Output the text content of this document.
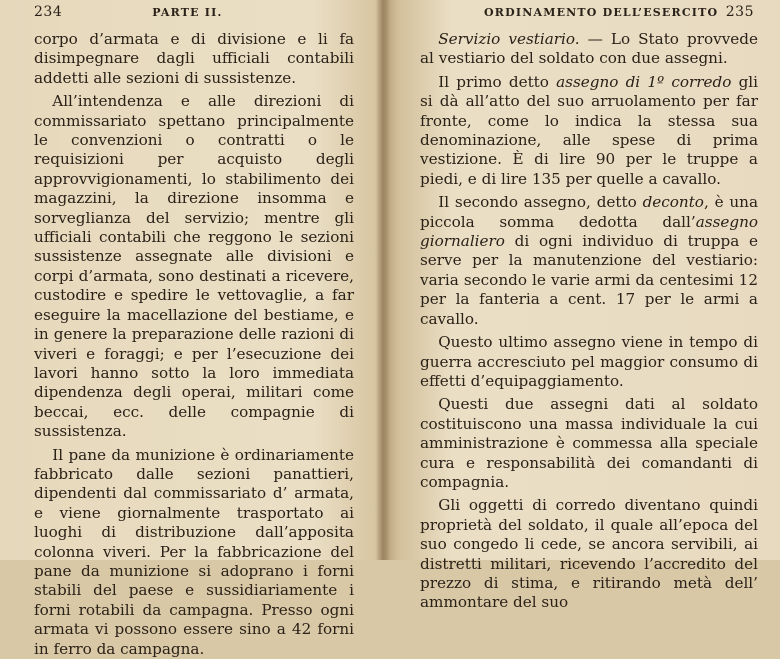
234	PARTE II.

corpo d’armata e di divisione e li fa disimpegnare dagli ufficiali contabili addetti alle sezioni di sussistenze.

All’intendenza e alle direzioni di commissariato spettano principalmente le convenzioni o contratti o le requisizioni per acquisto degli approvvigionamenti, lo stabilimento dei magazzini, la direzione insomma e sorveglianza del servizio; mentre gli ufficiali contabili che reggono le sezioni sussistenze assegnate alle divisioni e corpi d’armata, sono destinati a ricevere, custodire e spedire le vettovaglie, a far eseguire la macellazione del bestiame, e in genere la preparazione delle razioni di viveri e foraggi; e per l’esecuzione dei lavori hanno sotto la loro immediata dipendenza degli operai, militari come beccai, ecc. delle compagnie di sussistenza.

Il pane da munizione è ordinariamente fabbricato dalle sezioni panattieri, dipendenti dal commissariato d’ armata, e viene giornalmente trasportato ai luoghi di distribuzione dall’apposita colonna viveri. Per la fabbricazione del pane da munizione si adoprano i forni stabili del paese e sussidiariamente i forni rotabili da campagna. Presso ogni armata vi possono essere sino a 42 forni in ferro da campagna.

ORDINAMENTO DELL’ESERCITO 235

Servizio vestiario. — Lo Stato provvede al vestiario del soldato con due assegni.

Il primo detto assegno di 1º corredo gli si dà all’atto del suo arruolamento per far fronte, come lo indica la stessa sua denominazione, alle spese di prima vestizione. È di lire 90 per le truppe a piedi, e di lire 135 per quelle a cavallo.

Il secondo assegno, detto deconto, è una piccola somma dedotta dall’assegno giornaliero di ogni individuo di truppa e serve per la manutenzione del vestiario: varia secondo le varie armi da centesimi 12 per la fanteria a cent. 17 per le armi a cavallo.

Questo ultimo assegno viene in tempo di guerra accresciuto pel maggior consumo di effetti d’equipaggiamento.

Questi due assegni dati al soldato costituiscono una massa individuale la cui amministrazione è commessa alla speciale cura e responsabilità dei comandanti di compagnia.

Gli oggetti di corredo diventano quindi proprietà del soldato, il quale all’epoca del suo congedo li cede, se ancora servibili, ai distretti militari, ricevendo l’accredito del prezzo di stima, e ritirando metà dell’ ammontare del suo
